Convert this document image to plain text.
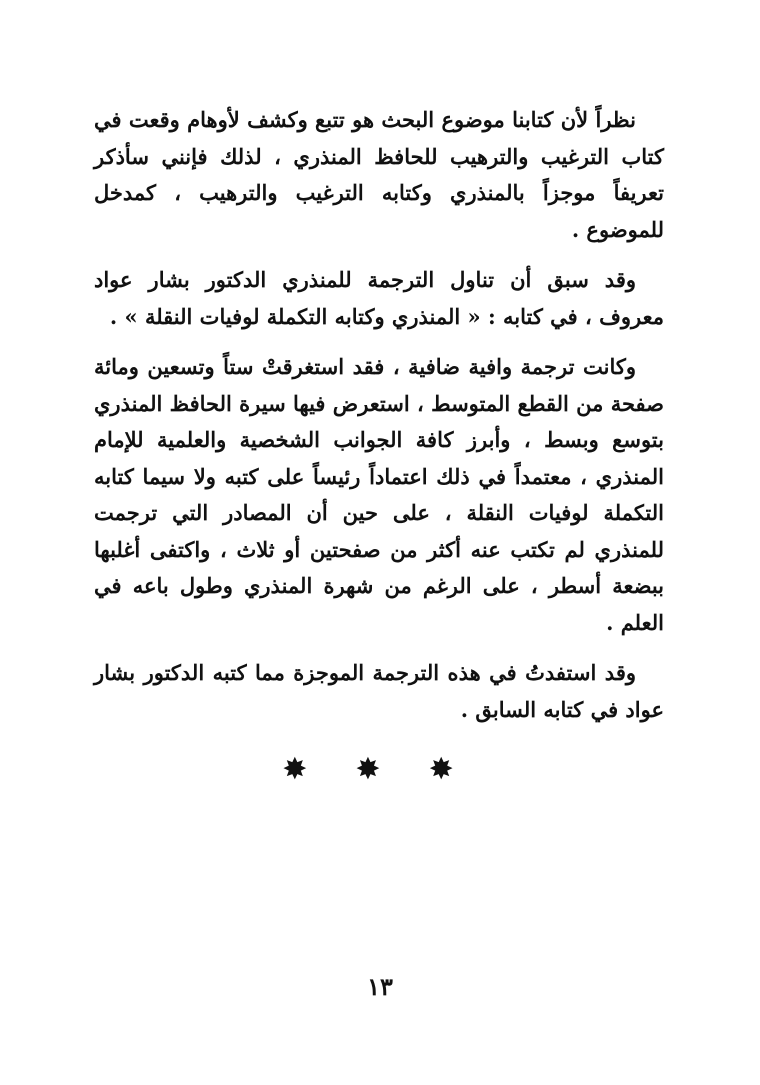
نظراً لأن كتابنا موضوع البحث هو تتبع وكشف لأوهام وقعت في كتاب الترغيب والترهيب للحافظ المنذري ، لذلك فإنني سأذكر تعريفاً موجزاً بالمنذري وكتابه الترغيب والترهيب ، كمدخل للموضوع .

وقد سبق أن تناول الترجمة للمنذري الدكتور بشار عواد معروف ، في كتابه : « المنذري وكتابه التكملة لوفيات النقلة » .

وكانت ترجمة وافية ضافية ، فقد استغرقتْ ستاً وتسعين ومائة صفحة من القطع المتوسط ، استعرض فيها سيرة الحافظ المنذري بتوسع وبسط ، وأبرز كافة الجوانب الشخصية والعلمية للإمام المنذري ، معتمداً في ذلك اعتماداً رئيساً على كتبه ولا سيما كتابه التكملة لوفيات النقلة ، على حين أن المصادر التي ترجمت للمنذري لم تكتب عنه أكثر من صفحتين أو ثلاث ، واكتفى أغلبها ببضعة أسطر ، على الرغم من شهرة المنذري وطول باعه في العلم .

وقد استفدتُ في هذه الترجمة الموجزة مما كتبه الدكتور بشار عواد في كتابه السابق .

✸ ✸ ✸
١٣
